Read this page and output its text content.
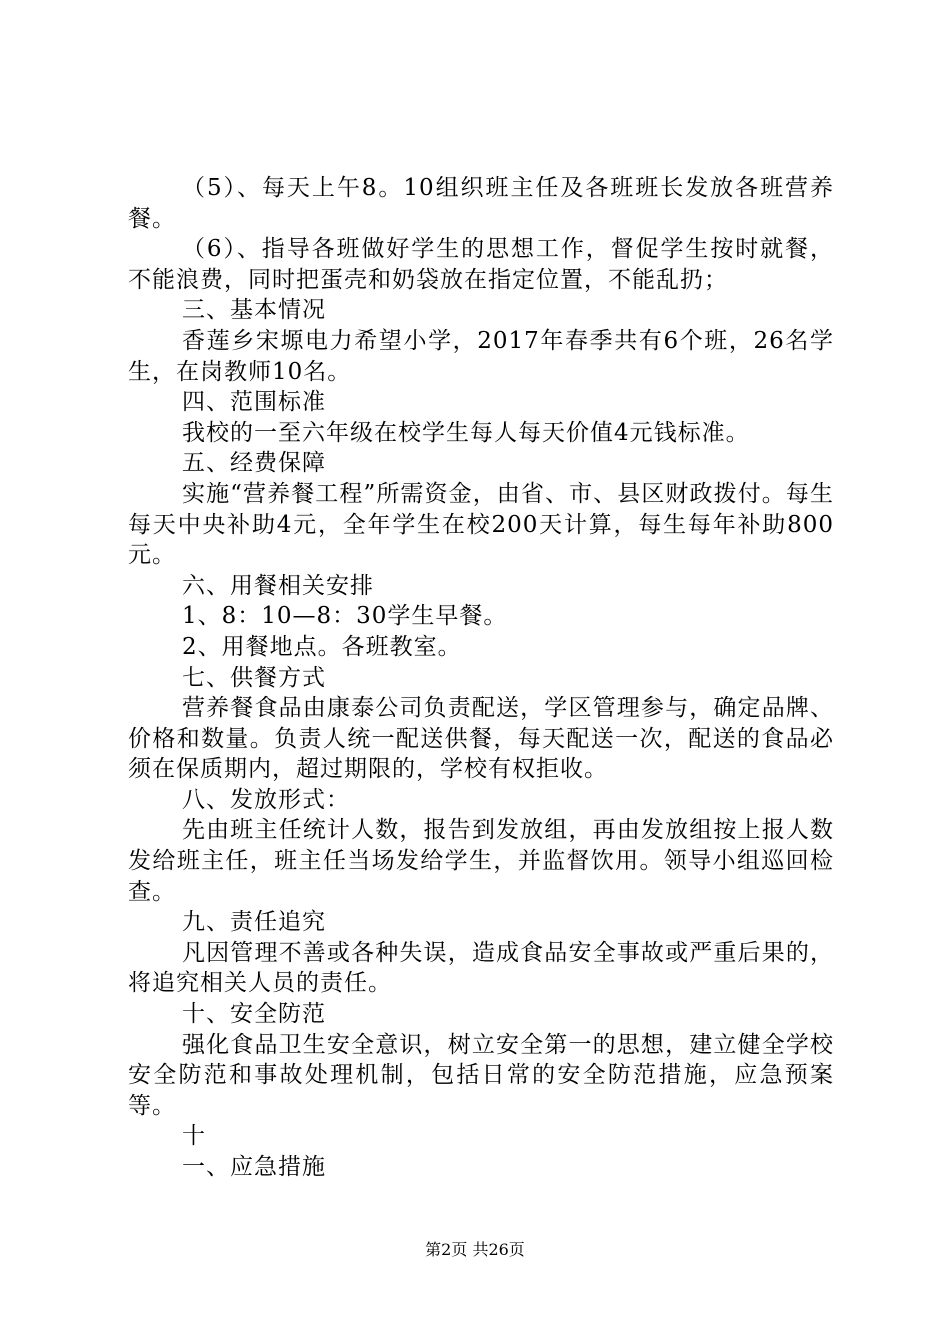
（5）、每天上午8。10组织班主任及各班班长发放各班营养餐。

（6）、指导各班做好学生的思想工作，督促学生按时就餐，不能浪费，同时把蛋壳和奶袋放在指定位置，不能乱扔；

三、基本情况

香莲乡宋塬电力希望小学，2017年春季共有6个班，26名学生，在岗教师10名。

四、范围标准

我校的一至六年级在校学生每人每天价值4元钱标准。

五、经费保障

实施“营养餐工程”所需资金，由省、市、县区财政拨付。每生每天中央补助4元，全年学生在校200天计算，每生每年补助800元。

六、用餐相关安排

1、8：10—8：30学生早餐。

2、用餐地点。各班教室。

七、供餐方式

营养餐食品由康泰公司负责配送，学区管理参与，确定品牌、价格和数量。负责人统一配送供餐，每天配送一次，配送的食品必须在保质期内，超过期限的，学校有权拒收。

八、发放形式：

先由班主任统计人数，报告到发放组，再由发放组按上报人数发给班主任，班主任当场发给学生，并监督饮用。领导小组巡回检查。

九、责任追究

凡因管理不善或各种失误，造成食品安全事故或严重后果的，将追究相关人员的责任。

十、安全防范

强化食品卫生安全意识，树立安全第一的思想，建立健全学校安全防范和事故处理机制，包括日常的安全防范措施，应急预案等。

十

一、应急措施

第2页 共26页
